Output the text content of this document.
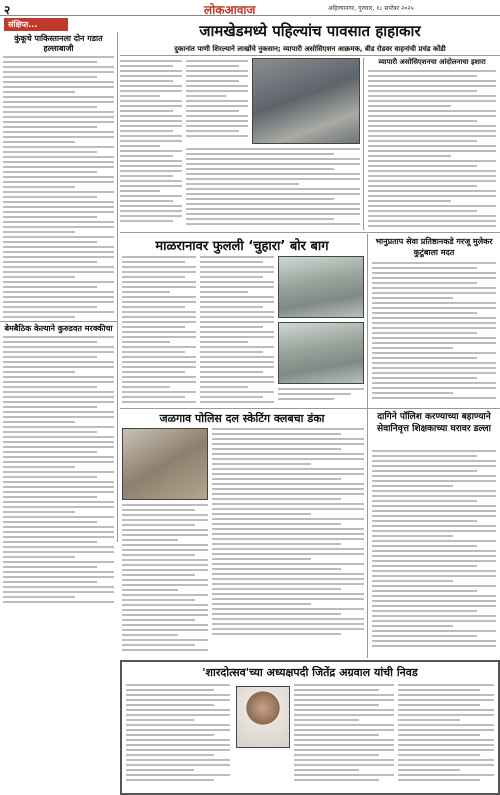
२	लोकआवाज	अहिल्यानगर, गुरुवार, १८ सप्टेंबर २०२५
संक्षिप्त...
कुंकूचे पाकिस्तानला दोन गडात हल्लाबाजी
बेमबैठिक केल्याने कुरुडवत मरक्कीचा
जामखेडमध्ये पहिल्यांच पावसात हाहाकार
दुकानांत पाणी शिरल्याने लाखोंचे नुकसान; व्यापारी असोसिएशन आक्रमक, बीड रोडवर वाहनांची प्रचंड कोंडी
व्यापारी असोसिएशनचा आंदोलनाचा इशारा
माळरानावर फुलली ‘चुहारा’ बोर बाग	भानुप्रताप सेवा प्रतिष्ठानकडे गरजू मुलेकर कुटुंबाला मदत
जळगाव पोलिस दल स्केटिंग क्लबचा डंका	दागिने पॉलिश करण्याच्या बहाण्याने सेवानिवृत्त शिक्षकाच्या घरावर डल्ला
'शारदोत्सव'च्या अध्यक्षपदी जितेंद्र अग्रवाल यांची निवड
